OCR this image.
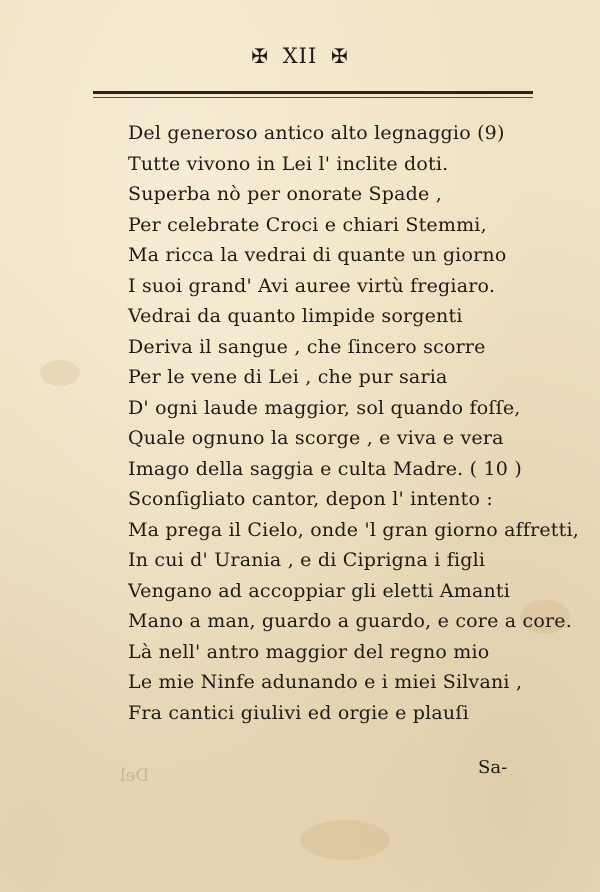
✠ XII ✠
Del generoso antico alto legnaggio (9)
Tutte vivono in Lei l' inclite doti.
Superba nò per onorate Spade ,
Per celebrate Croci e chiari Stemmi,
Ma ricca la vedrai di quante un giorno
I suoi grand' Avi auree virtù fregiaro.
Vedrai da quanto limpide sorgenti
Deriva il sangue , che ſincero scorre
Per le vene di Lei , che pur saria
D' ogni laude maggior, sol quando foſſe,
Quale ognuno la scorge , e viva e vera
Imago della saggia e culta Madre. ( 10 )
Sconſigliato cantor, depon l' intento :
Ma prega il Cielo, onde 'l gran giorno affretti,
In cui d' Urania , e di Ciprigna i figli
Vengano ad accoppiar gli eletti Amanti
Mano a man, guardo a guardo, e core a core.
Là nell' antro maggior del regno mio
Le mie Ninfe adunando e i miei Silvani ,
Fra cantici giulivi ed orgie e plauſi
Del	Sa-
